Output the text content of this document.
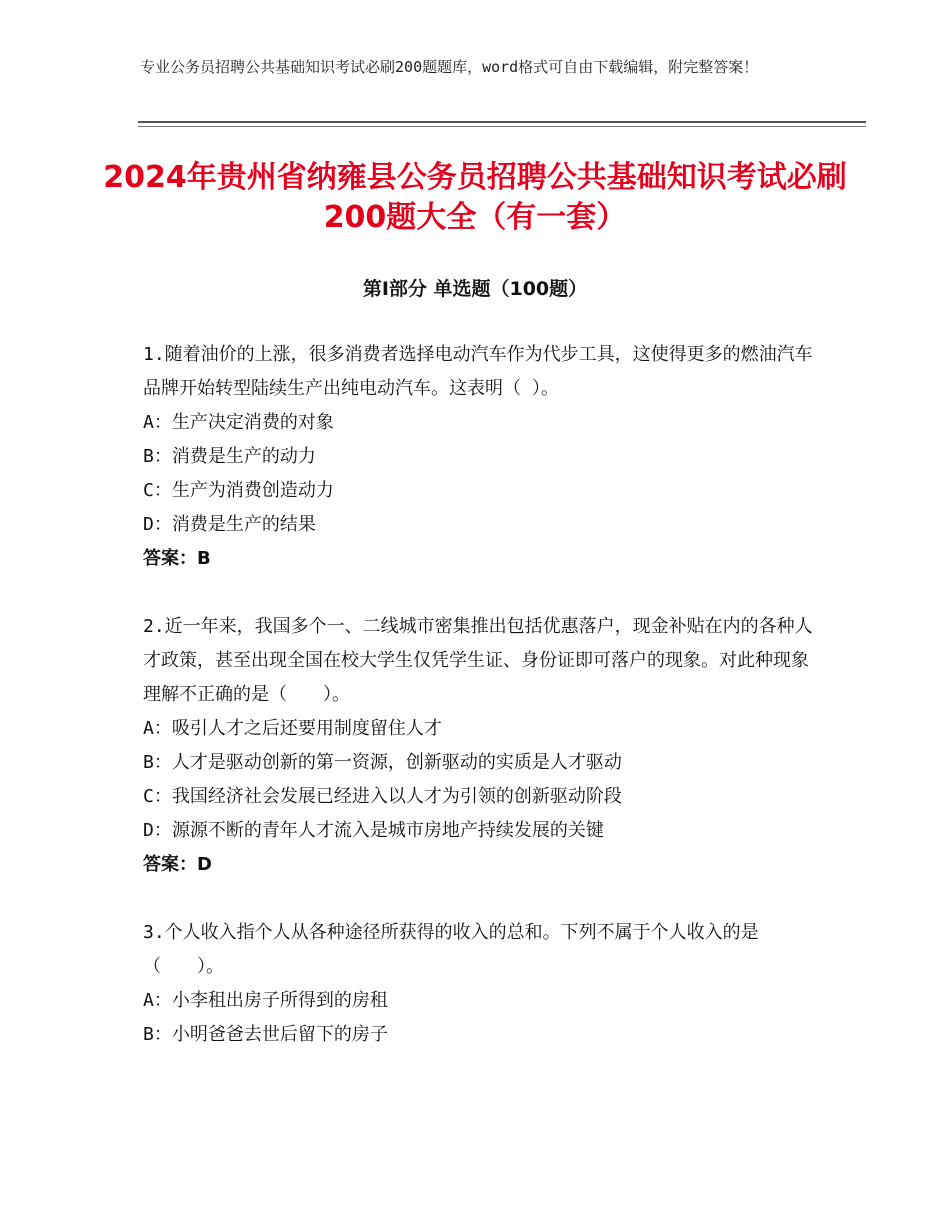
专业公务员招聘公共基础知识考试必刷200题题库，word格式可自由下载编辑，附完整答案！
2024年贵州省纳雍县公务员招聘公共基础知识考试必刷200题大全（有一套）
第Ⅰ部分 单选题（100题）
1.随着油价的上涨，很多消费者选择电动汽车作为代步工具，这使得更多的燃油汽车品牌开始转型陆续生产出纯电动汽车。这表明（ ）。
A：生产决定消费的对象
B：消费是生产的动力
C：生产为消费创造动力
D：消费是生产的结果
答案：B
2.近一年来，我国多个一、二线城市密集推出包括优惠落户，现金补贴在内的各种人才政策，甚至出现全国在校大学生仅凭学生证、身份证即可落户的现象。对此种现象理解不正确的是（　　）。
A：吸引人才之后还要用制度留住人才
B：人才是驱动创新的第一资源，创新驱动的实质是人才驱动
C：我国经济社会发展已经进入以人才为引领的创新驱动阶段
D：源源不断的青年人才流入是城市房地产持续发展的关键
答案：D
3.个人收入指个人从各种途径所获得的收入的总和。下列不属于个人收入的是（　　）。
A：小李租出房子所得到的房租
B：小明爸爸去世后留下的房子
